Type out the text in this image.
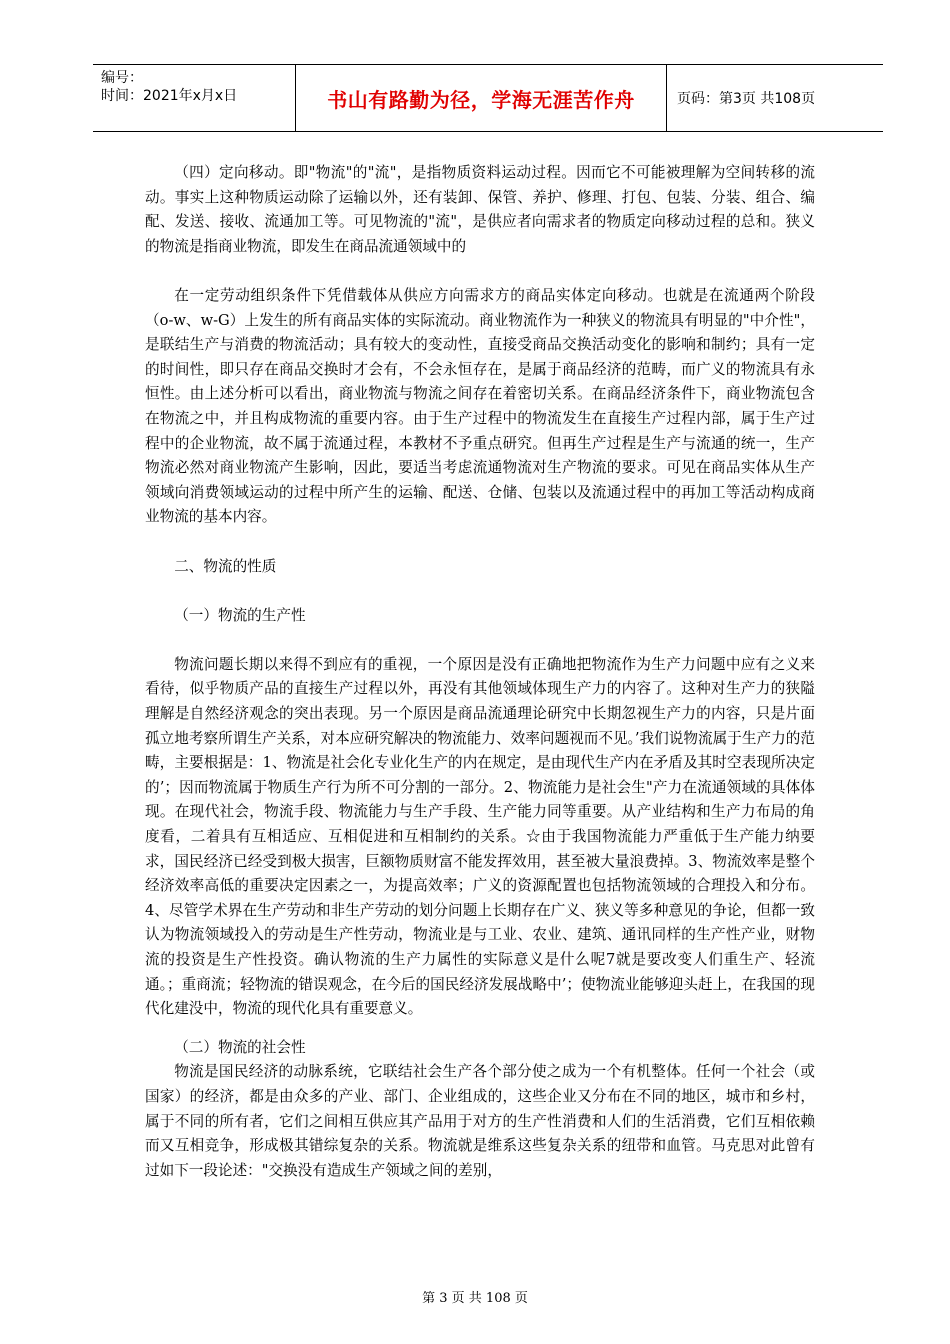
编号：
时间：2021年x月x日	书山有路勤为径，学海无涯苦作舟	页码：第3页 共108页

（四）定向移动。即"物流"的"流"，是指物质资料运动过程。因而它不可能被理解为空间转移的流动。事实上这种物质运动除了运输以外，还有装卸、保管、养护、修理、打包、包装、分装、组合、编配、发送、接收、流通加工等。可见物流的"流"，是供应者向需求者的物质定向移动过程的总和。狭义的物流是指商业物流，即发生在商品流通领域中的

在一定劳动组织条件下凭借载体从供应方向需求方的商品实体定向移动。也就是在流通两个阶段（o-w、w-G）上发生的所有商品实体的实际流动。商业物流作为一种狭义的物流具有明显的"中介性"，是联结生产与消费的物流活动；具有较大的变动性，直接受商品交换活动变化的影响和制约；具有一定的时间性，即只存在商品交换时才会有，不会永恒存在，是属于商品经济的范畴，而广义的物流具有永恒性。由上述分析可以看出，商业物流与物流之间存在着密切关系。在商品经济条件下，商业物流包含在物流之中，并且构成物流的重要内容。由于生产过程中的物流发生在直接生产过程内部，属于生产过程中的企业物流，故不属于流通过程，本教材不予重点研究。但再生产过程是生产与流通的统一，生产物流必然对商业物流产生影响，因此，要适当考虑流通物流对生产物流的要求。可见在商品实体从生产领域向消费领域运动的过程中所产生的运输、配送、仓储、包装以及流通过程中的再加工等活动构成商业物流的基本内容。

二、物流的性质

（一）物流的生产性

物流问题长期以来得不到应有的重视，一个原因是没有正确地把物流作为生产力问题中应有之义来看待，似乎物质产品的直接生产过程以外，再没有其他领域体现生产力的内容了。这种对生产力的狭隘理解是自然经济观念的突出表现。另一个原因是商品流通理论研究中长期忽视生产力的内容，只是片面孤立地考察所谓生产关系，对本应研究解决的物流能力、效率问题视而不见。’我们说物流属于生产力的范畴，主要根据是：1、物流是社会化专业化生产的内在规定，是由现代生产内在矛盾及其时空表现所决定的’；因而物流属于物质生产行为所不可分割的一部分。2、物流能力是社会生"产力在流通领域的具体体现。在现代社会，物流手段、物流能力与生产手段、生产能力同等重要。从产业结构和生产力布局的角度看，二着具有互相适应、互相促进和互相制约的关系。☆由于我国物流能力严重低于生产能力纳要求，国民经济已经受到极大损害，巨额物质财富不能发挥效用，甚至被大量浪费掉。3、物流效率是整个经济效率高低的重要决定因素之一，为提高效率；广义的资源配置也包括物流领域的合理投入和分布。4、尽管学术界在生产劳动和非生产劳动的划分问题上长期存在广义、狭义等多种意见的争论，但都一致认为物流领域投入的劳动是生产性劳动，物流业是与工业、农业、建筑、通讯同样的生产性产业，财物流的投资是生产性投资。确认物流的生产力属性的实际意义是什么呢7就是要改变人们重生产、轻流通。；重商流；轻物流的错误观念，在今后的国民经济发展战略中’；使物流业能够迎头赶上，在我国的现代化建没中，物流的现代化具有重要意义。

（二）物流的社会性

物流是国民经济的动脉系统，它联结社会生产各个部分使之成为一个有机整体。任何一个社会（或国家）的经济，都是由众多的产业、部门、企业组成的，这些企业又分布在不同的地区，城市和乡村，属于不同的所有者，它们之间相互供应其产品用于对方的生产性消费和人们的生活消费，它们互相依赖而又互相竞争，形成极其错综复杂的关系。物流就是维系这些复杂关系的纽带和血管。马克思对此曾有过如下一段论述："交换没有造成生产领域之间的差别，

第 3 页 共 108 页
